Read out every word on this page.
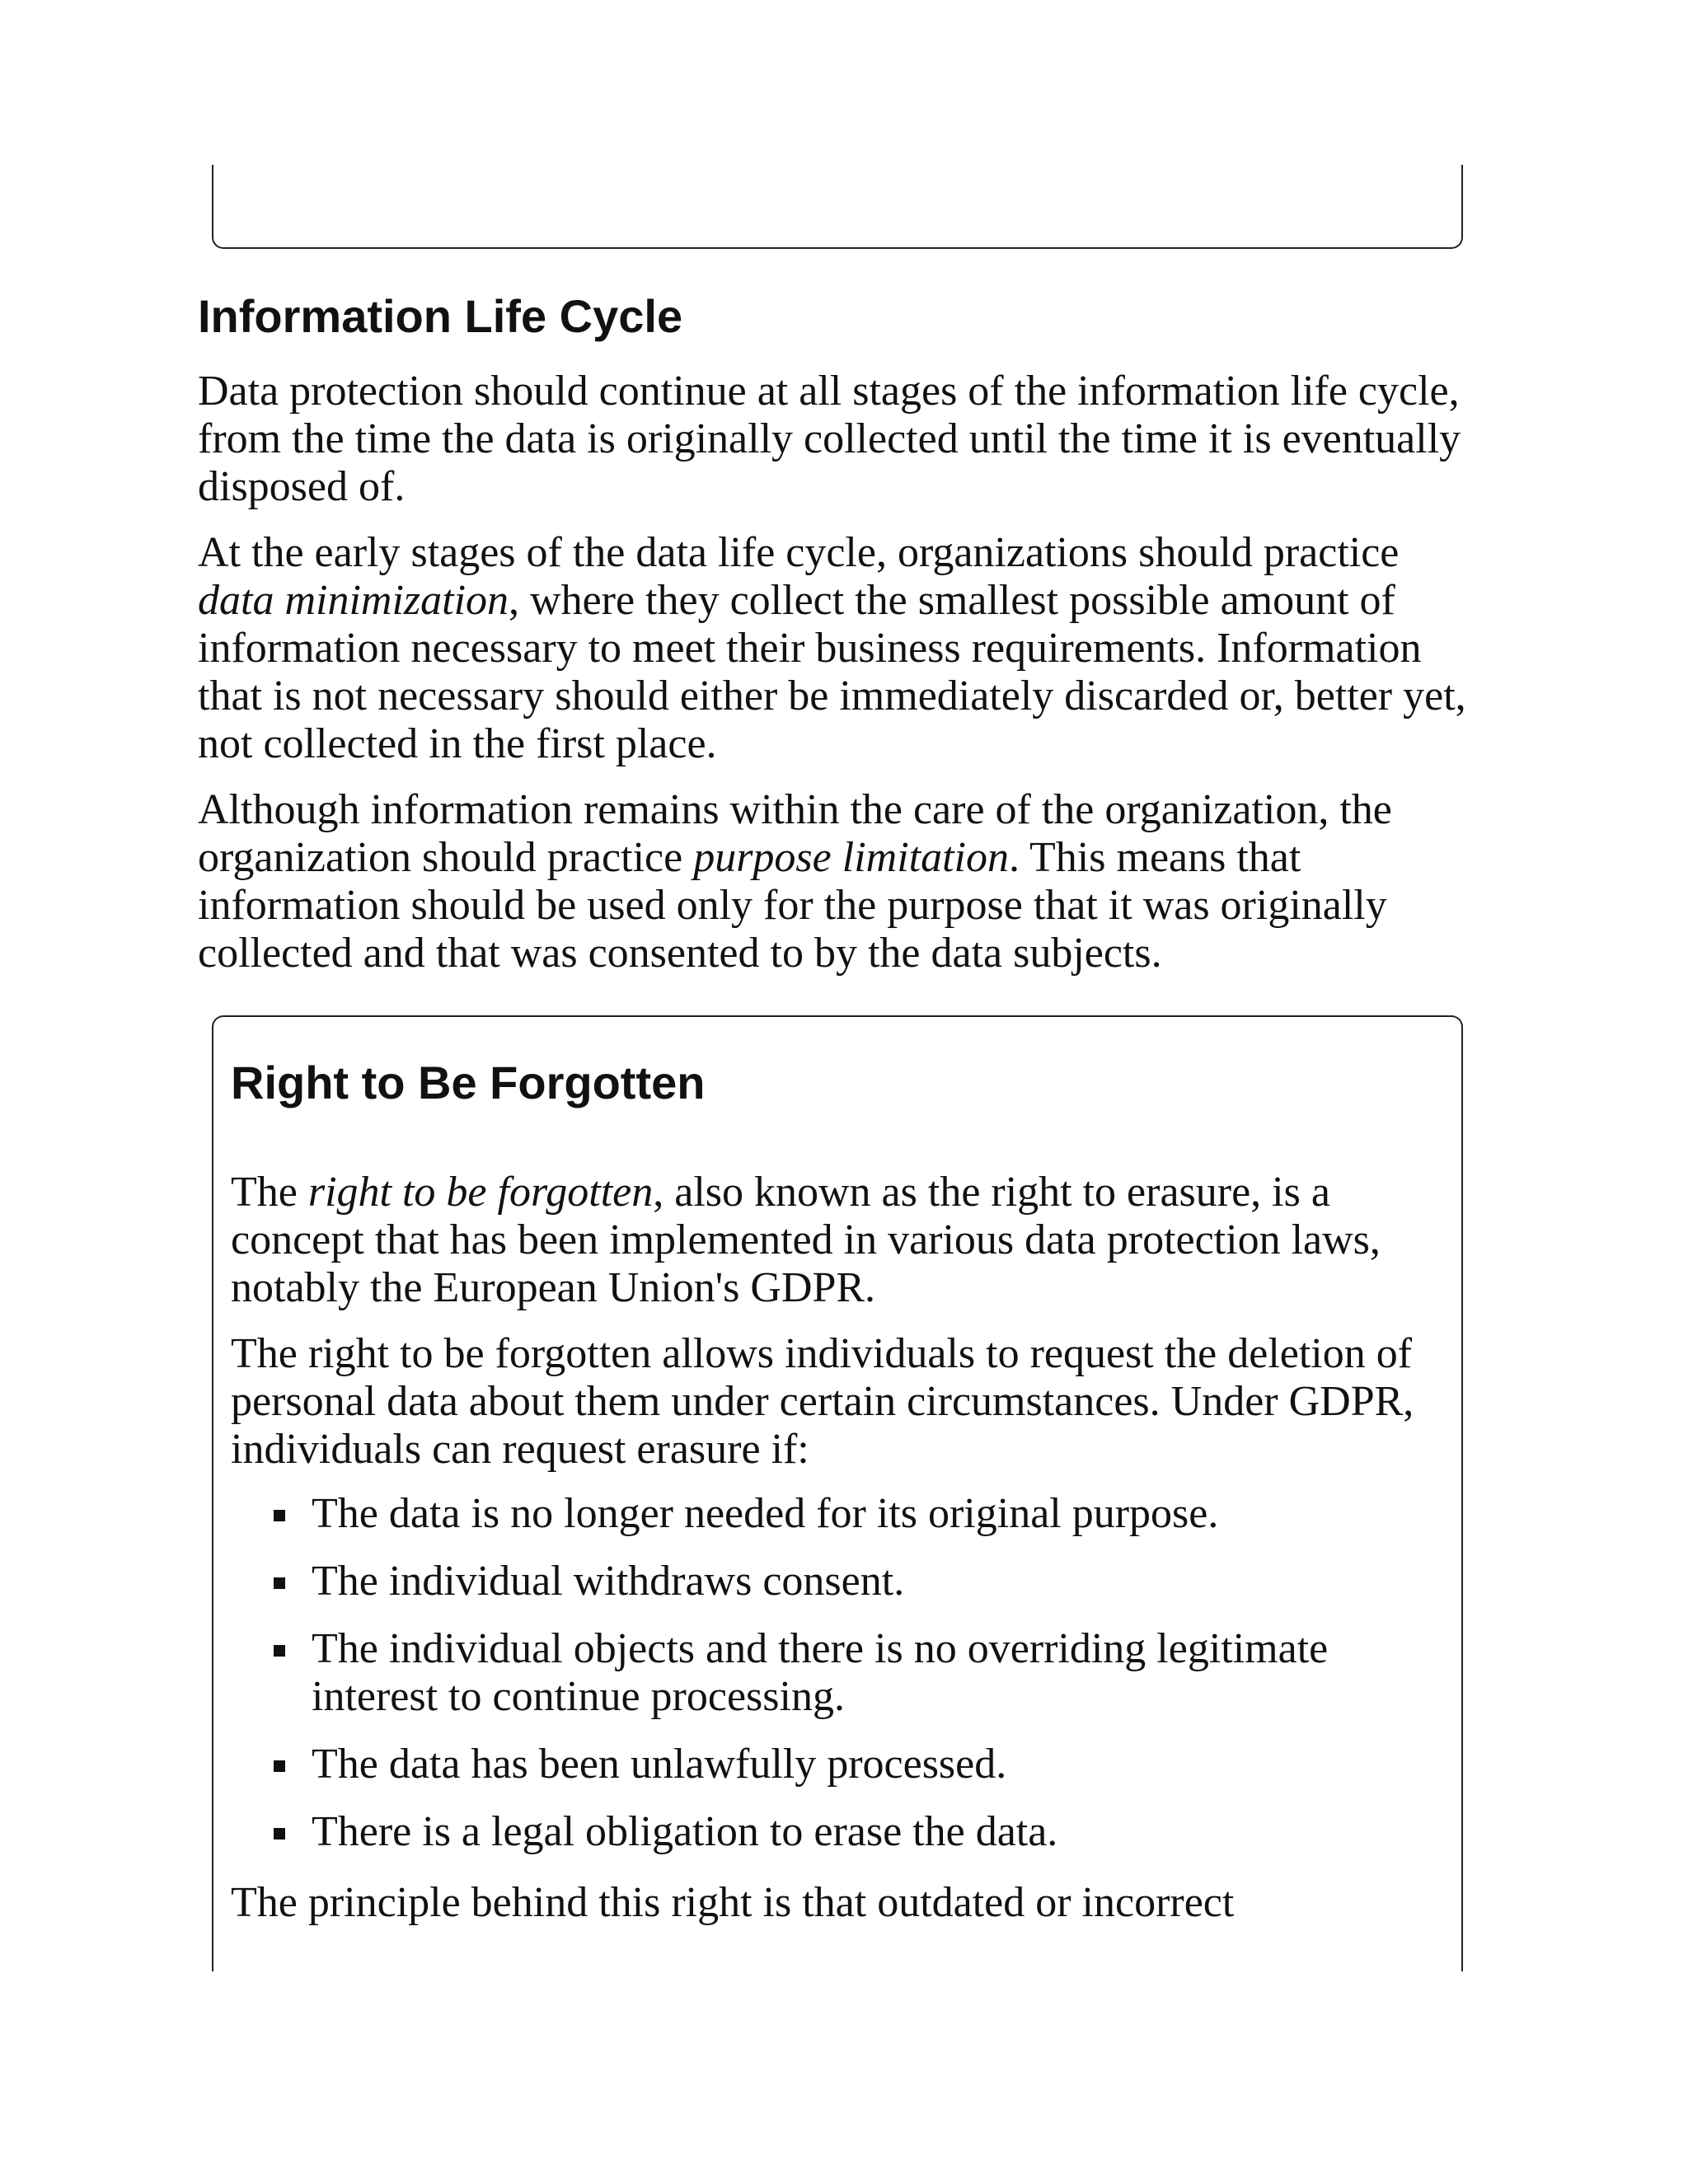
Information Life Cycle

Data protection should continue at all stages of the information life cycle, from the time the data is originally collected until the time it is eventually disposed of.

At the early stages of the data life cycle, organizations should practice data minimization, where they collect the smallest possible amount of information necessary to meet their business requirements. Information that is not necessary should either be immediately discarded or, better yet, not collected in the first place.

Although information remains within the care of the organization, the organization should practice purpose limitation. This means that information should be used only for the purpose that it was originally collected and that was consented to by the data subjects.

Right to Be Forgotten

The right to be forgotten, also known as the right to erasure, is a concept that has been implemented in various data protection laws, notably the European Union's GDPR.

The right to be forgotten allows individuals to request the deletion of personal data about them under certain circumstances. Under GDPR, individuals can request erasure if:

The data is no longer needed for its original purpose.
The individual withdraws consent.
The individual objects and there is no overriding legitimate interest to continue processing.
The data has been unlawfully processed.
There is a legal obligation to erase the data.

The principle behind this right is that outdated or incorrect
